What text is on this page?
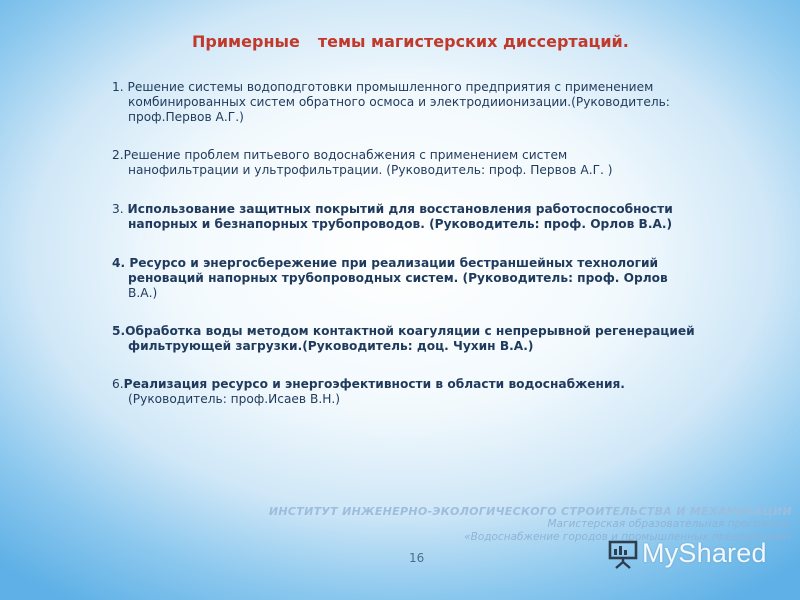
Примерные темы магистерских диссертаций.
1. Решение системы водоподготовки промышленного предприятия с применением
комбинированных систем обратного осмоса и электродиионизации.(Руководитель:
проф.Первов А.Г.)
2.Решение проблем питьевого водоснабжения с применением систем
нанофильтрации и ультрофильтрации. (Руководитель: проф. Первов А.Г. )
3. Использование защитных покрытий для восстановления работоспособности
напорных и безнапорных трубопроводов. (Руководитель: проф. Орлов В.А.)
4. Ресурсо и энергосбережение при реализации бестраншейных технологий
реноваций напорных трубопроводных систем. (Руководитель: проф. Орлов
В.А.)
5.Обработка воды методом контактной коагуляции с непрерывной регенерацией
фильтрующей загрузки.(Руководитель: доц. Чухин В.А.)
6.Реализация ресурсо и энергоэфективности в области водоснабжения.
(Руководитель: проф.Исаев В.Н.)
ИНСТИТУТ ИНЖЕНЕРНО-ЭКОЛОГИЧЕСКОГО СТРОИТЕЛЬСТВА И МЕХАНИЗАЦИИ
Магистерская образовательная программа:
«Водоснабжение городов и промышленных предприятий»
16	MyShared
